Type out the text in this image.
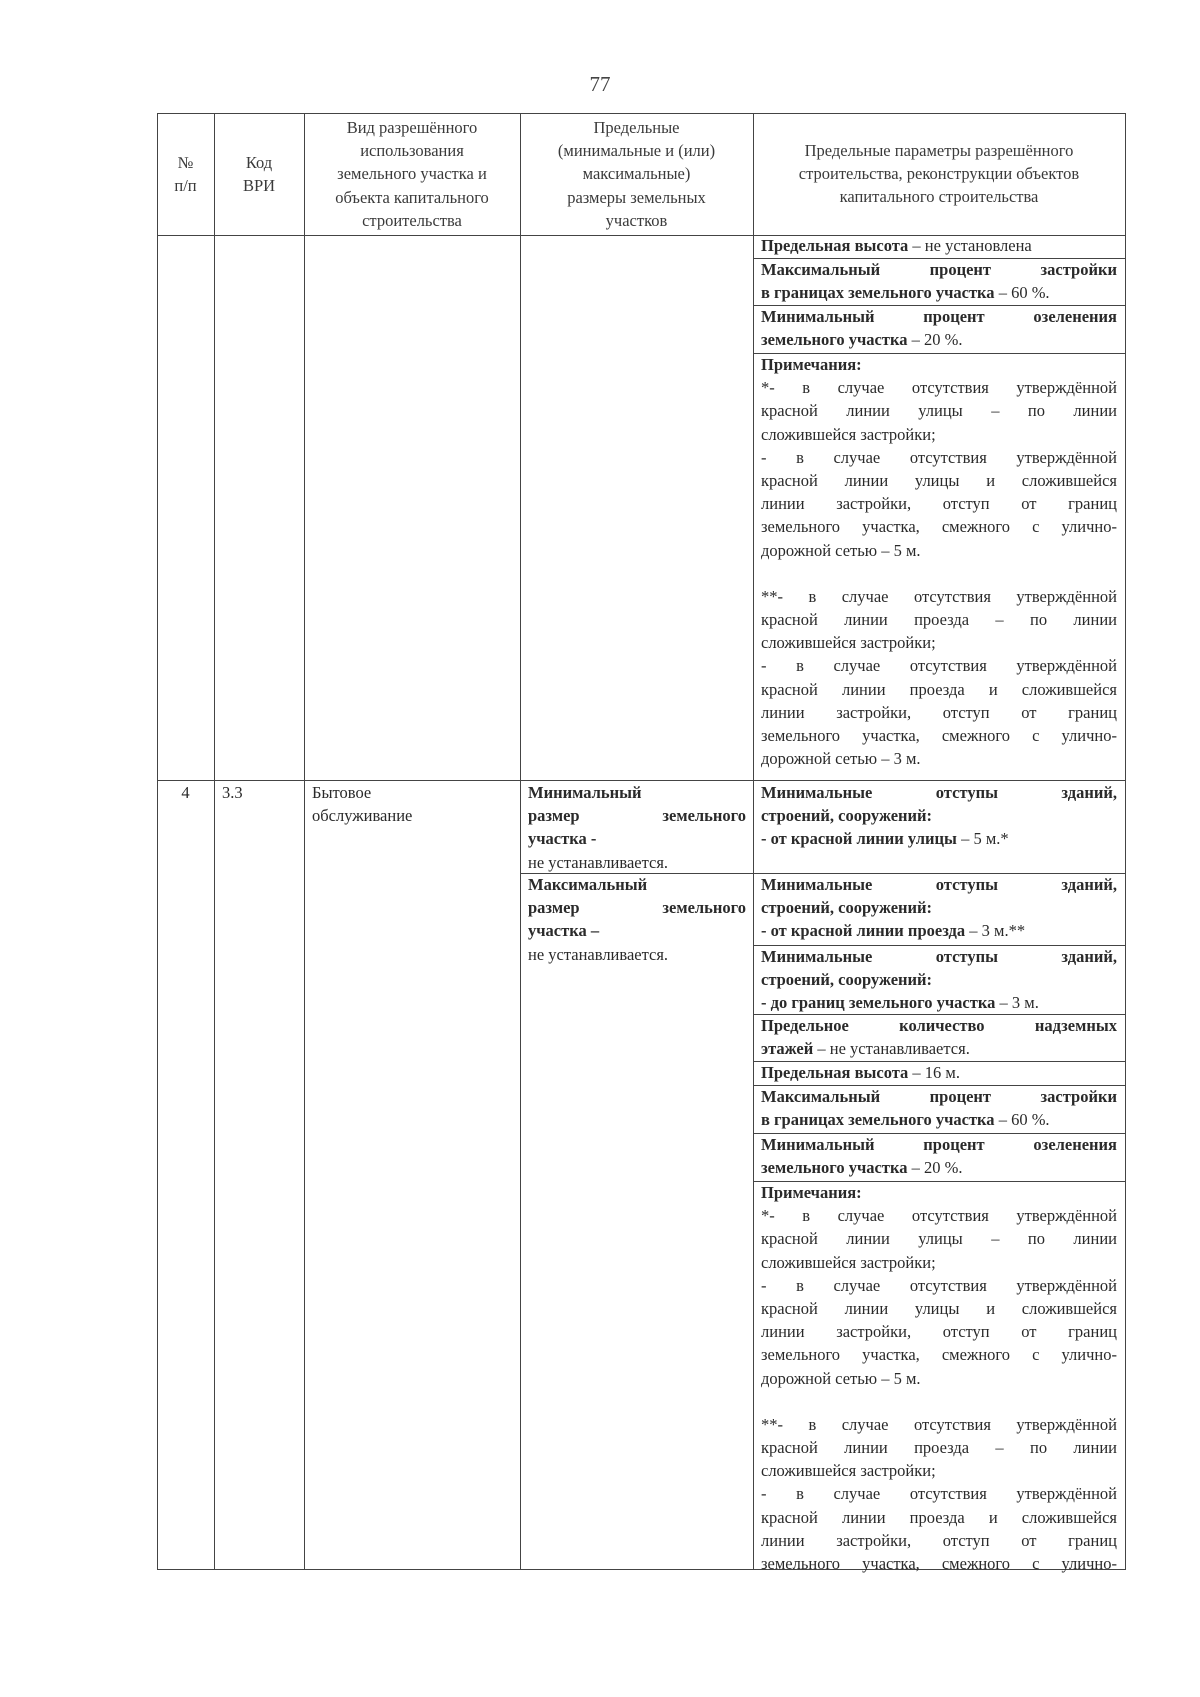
77
№
п/п
Код
ВРИ
Вид разрешённого
использования
земельного участка и
объекта капитального
строительства
Предельные
(минимальные и (или)
максимальные)
размеры земельных
участков
Предельные параметры разрешённого
строительства, реконструкции объектов
капитального строительства
Предельная высота – не установлена
Максимальный процент застройки
в границах земельного участка – 60 %.
Минимальный процент озеленения
земельного участка – 20 %.
Примечания:
*- в случае отсутствия утверждённой
красной линии улицы – по линии
сложившейся застройки;
- в случае отсутствия утверждённой
красной линии улицы и сложившейся
линии застройки, отступ от границ
земельного участка, смежного с улично-
дорожной сетью – 5 м.
**- в случае отсутствия утверждённой
красной линии проезда – по линии
сложившейся застройки;
- в случае отсутствия утверждённой
красной линии проезда и сложившейся
линии застройки, отступ от границ
земельного участка, смежного с улично-
дорожной сетью – 3 м.
4	3.3	Бытовое
обслуживание
Минимальный
размер земельного
участка -
не устанавливается.
Максимальный
размер земельного
участка –
не устанавливается.
Минимальные отступы зданий,
строений, сооружений:
- от красной линии улицы – 5 м.*
Минимальные отступы зданий,
строений, сооружений:
- от красной линии проезда – 3 м.**
Минимальные отступы зданий,
строений, сооружений:
- до границ земельного участка – 3 м.
Предельное количество надземных
этажей – не устанавливается.
Предельная высота – 16 м.
Максимальный процент застройки
в границах земельного участка – 60 %.
Минимальный процент озеленения
земельного участка – 20 %.
Примечания:
*- в случае отсутствия утверждённой
красной линии улицы – по линии
сложившейся застройки;
- в случае отсутствия утверждённой
красной линии улицы и сложившейся
линии застройки, отступ от границ
земельного участка, смежного с улично-
дорожной сетью – 5 м.
**- в случае отсутствия утверждённой
красной линии проезда – по линии
сложившейся застройки;
- в случае отсутствия утверждённой
красной линии проезда и сложившейся
линии застройки, отступ от границ
земельного участка, смежного с улично-
